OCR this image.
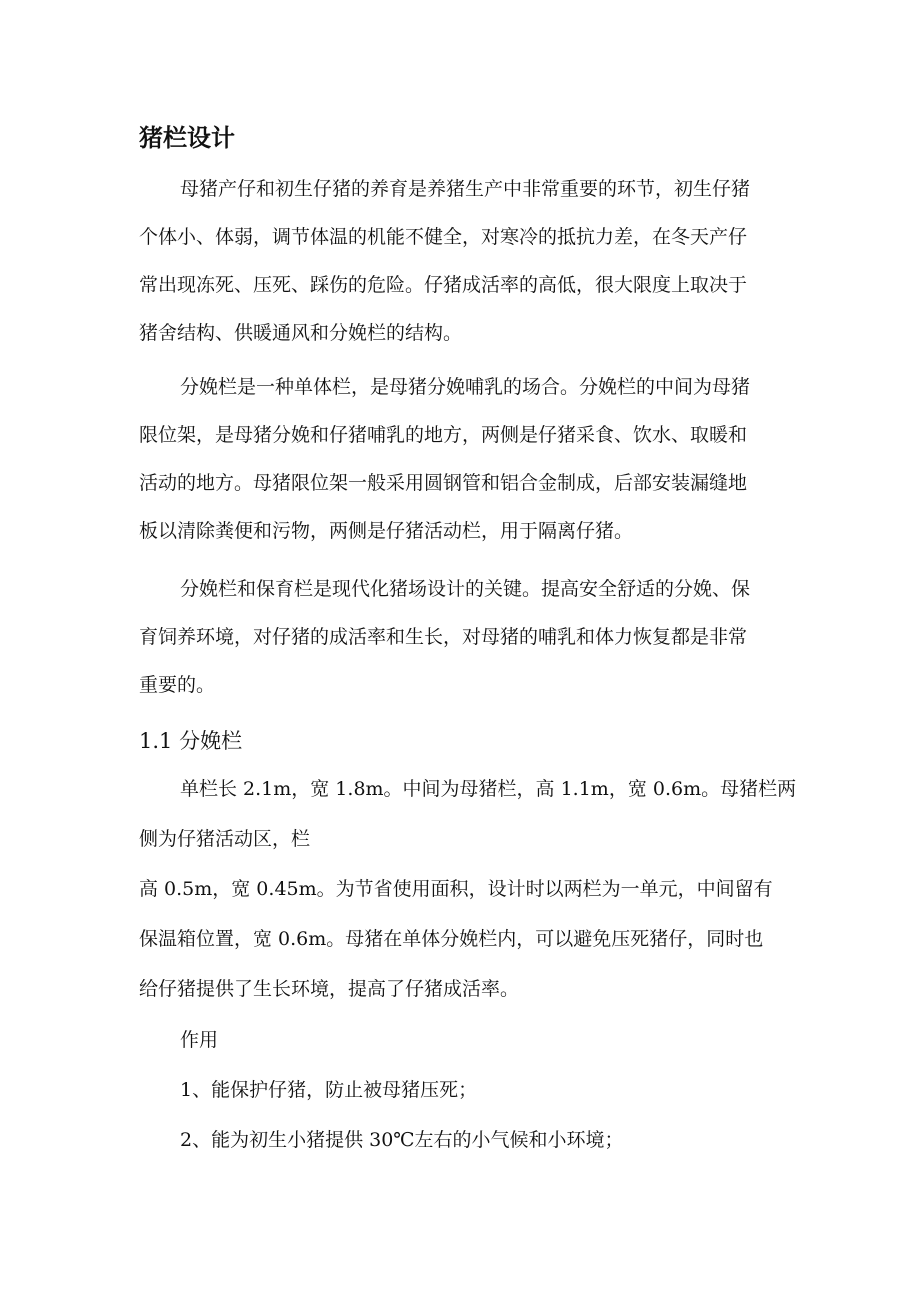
猪栏设计

母猪产仔和初生仔猪的养育是养猪生产中非常重要的环节，初生仔猪

个体小、体弱，调节体温的机能不健全，对寒冷的抵抗力差，在冬天产仔

常出现冻死、压死、踩伤的危险。仔猪成活率的高低，很大限度上取决于

猪舍结构、供暖通风和分娩栏的结构。

分娩栏是一种单体栏，是母猪分娩哺乳的场合。分娩栏的中间为母猪

限位架，是母猪分娩和仔猪哺乳的地方，两侧是仔猪采食、饮水、取暖和

活动的地方。母猪限位架一般采用圆钢管和铝合金制成，后部安装漏缝地

板以清除粪便和污物，两侧是仔猪活动栏，用于隔离仔猪。

分娩栏和保育栏是现代化猪场设计的关键。提高安全舒适的分娩、保

育饲养环境，对仔猪的成活率和生长，对母猪的哺乳和体力恢复都是非常

重要的。

1.1 分娩栏

单栏长 2.1m，宽 1.8m。中间为母猪栏，高 1.1m，宽 0.6m。母猪栏两

侧为仔猪活动区，栏

高 0.5m，宽 0.45m。为节省使用面积，设计时以两栏为一单元，中间留有

保温箱位置，宽 0.6m。母猪在单体分娩栏内，可以避免压死猪仔，同时也

给仔猪提供了生长环境，提高了仔猪成活率。

作用

1、能保护仔猪，防止被母猪压死；

2、能为初生小猪提供 30℃左右的小气候和小环境；
